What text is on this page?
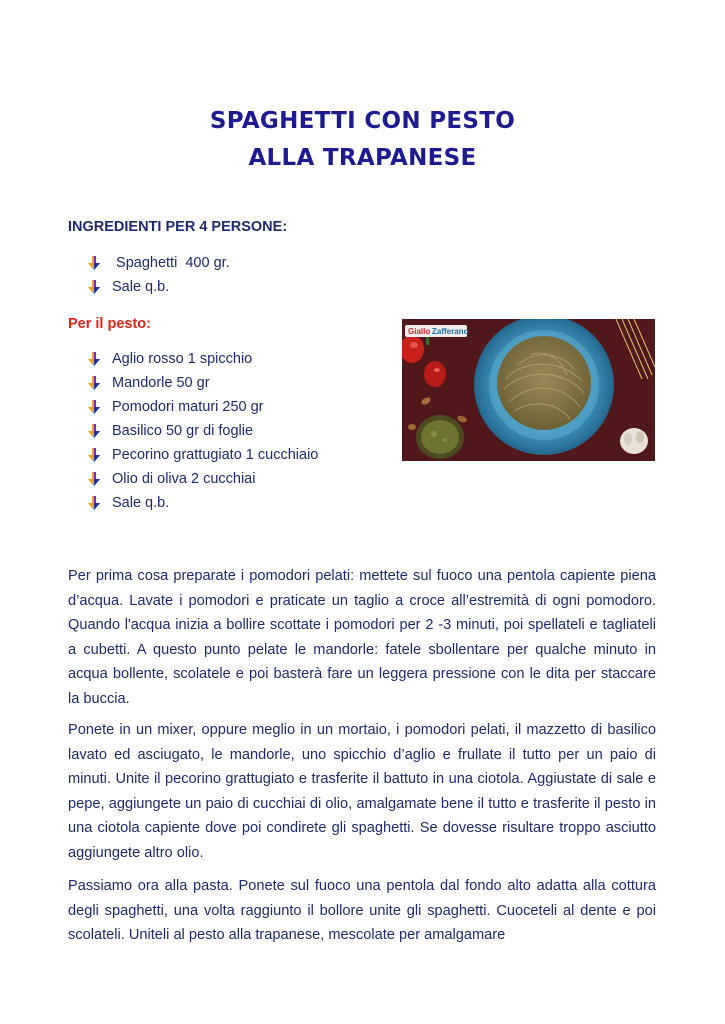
SPAGHETTI CON PESTO
ALLA TRAPANESE
INGREDIENTI PER 4 PERSONE:
Spaghetti  400 gr.
Sale q.b.
Per il pesto:
Aglio rosso 1 spicchio
Mandorle 50 gr
Pomodori maturi 250 gr
Basilico 50 gr di foglie
Pecorino grattugiato 1 cucchiaio
Olio di oliva 2 cucchiai
Sale q.b.
Giallo Zafferano

Per prima cosa preparate i pomodori pelati: mettete sul fuoco una pentola capiente piena d’acqua. Lavate i pomodori e praticate un taglio a croce all’estremità di ogni pomodoro. Quando l'acqua inizia a bollire scottate i pomodori per 2 -3 minuti, poi spellateli e tagliateli a cubetti. A questo punto pelate le mandorle: fatele sbollentare per qualche minuto in acqua bollente, scolatele e poi basterà fare un leggera pressione con le dita per staccare la buccia.

Ponete in un mixer, oppure meglio in un mortaio, i pomodori pelati, il mazzetto di basilico lavato ed asciugato, le mandorle, uno spicchio d’aglio e frullate il tutto per un paio di minuti. Unite il pecorino grattugiato e trasferite il battuto in una ciotola. Aggiustate di sale e pepe, aggiungete un paio di cucchiai di olio, amalgamate bene il tutto e trasferite il pesto in una ciotola capiente dove poi condirete gli spaghetti. Se dovesse risultare troppo asciutto aggiungete altro olio.

Passiamo ora alla pasta. Ponete sul fuoco una pentola dal fondo alto adatta alla cottura degli spaghetti, una volta raggiunto il bollore unite gli spaghetti. Cuoceteli al dente e poi scolateli. Uniteli al pesto alla trapanese, mescolate per amalgamare
